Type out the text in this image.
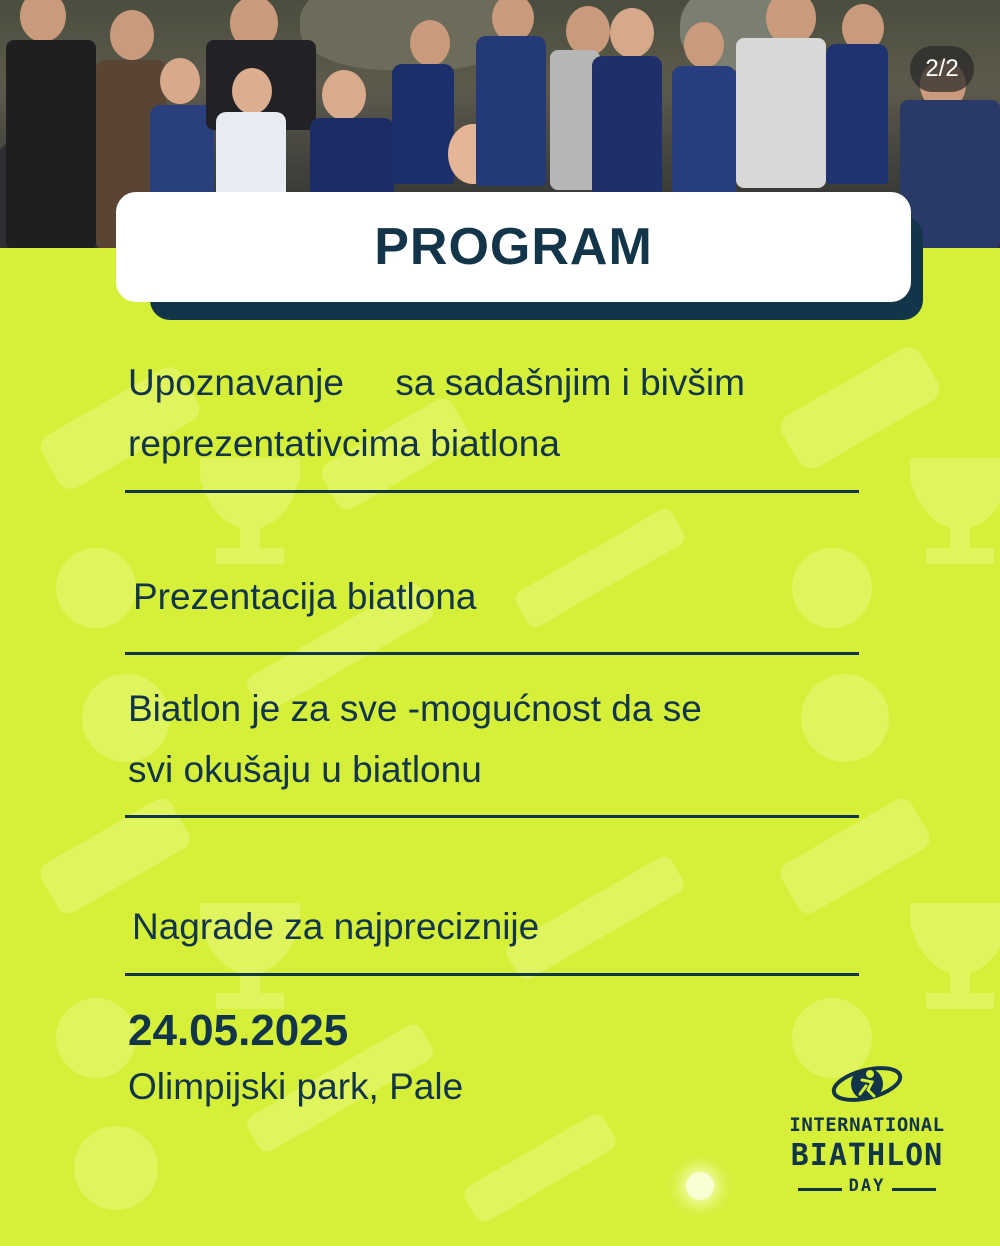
2/2
PROGRAM
Upoznavanje     sa sadašnjim i bivšim
reprezentativcima biatlona
Prezentacija biatlona
Biatlon je za sve -mogućnost da se
svi okušaju u biatlonu
Nagrade za najpreciznije
24.05.2025
Olimpijski park, Pale
INTERNATIONAL
BIATHLON
DAY
